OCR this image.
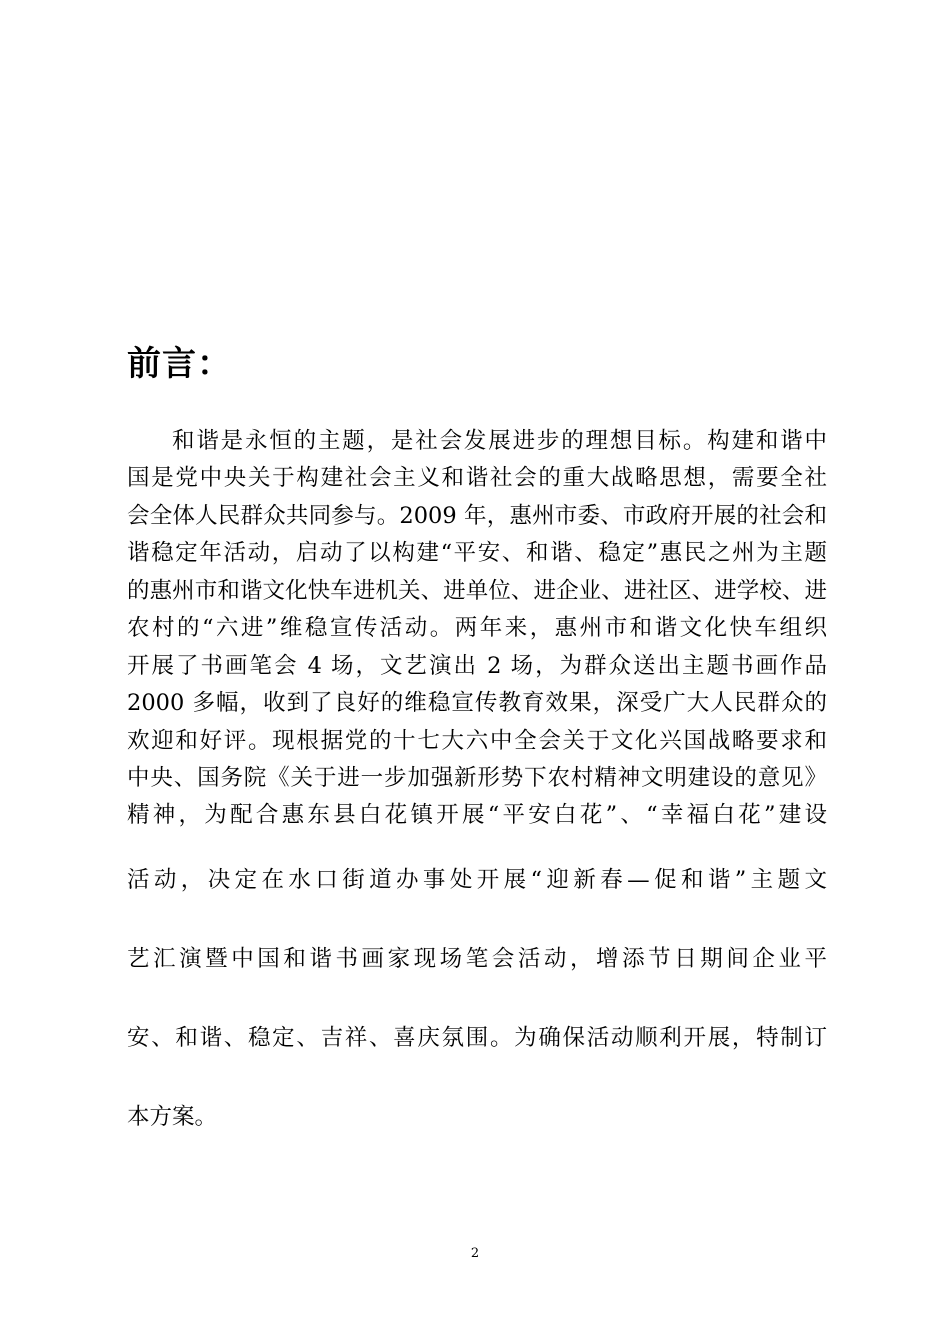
前言：
和谐是永恒的主题，是社会发展进步的理想目标。构建和谐中
国是党中央关于构建社会主义和谐社会的重大战略思想，需要全社
会全体人民群众共同参与。2009 年，惠州市委、市政府开展的社会和
谐稳定年活动，启动了以构建“平安、和谐、稳定”惠民之州为主题
的惠州市和谐文化快车进机关、进单位、进企业、进社区、进学校、进
农村的“六进”维稳宣传活动。两年来，惠州市和谐文化快车组织
开展了书画笔会 4 场，文艺演出 2 场，为群众送出主题书画作品
2000 多幅，收到了良好的维稳宣传教育效果，深受广大人民群众的
欢迎和好评。现根据党的十七大六中全会关于文化兴国战略要求和
中央、国务院《关于进一步加强新形势下农村精神文明建设的意见》
精神，为配合惠东县白花镇开展“平安白花”、“幸福白花”建设
活动，决定在水口街道办事处开展“迎新春—促和谐”主题文
艺汇演暨中国和谐书画家现场笔会活动，增添节日期间企业平
安、和谐、稳定、吉祥、喜庆氛围。为确保活动顺利开展，特制订
本方案。
2
